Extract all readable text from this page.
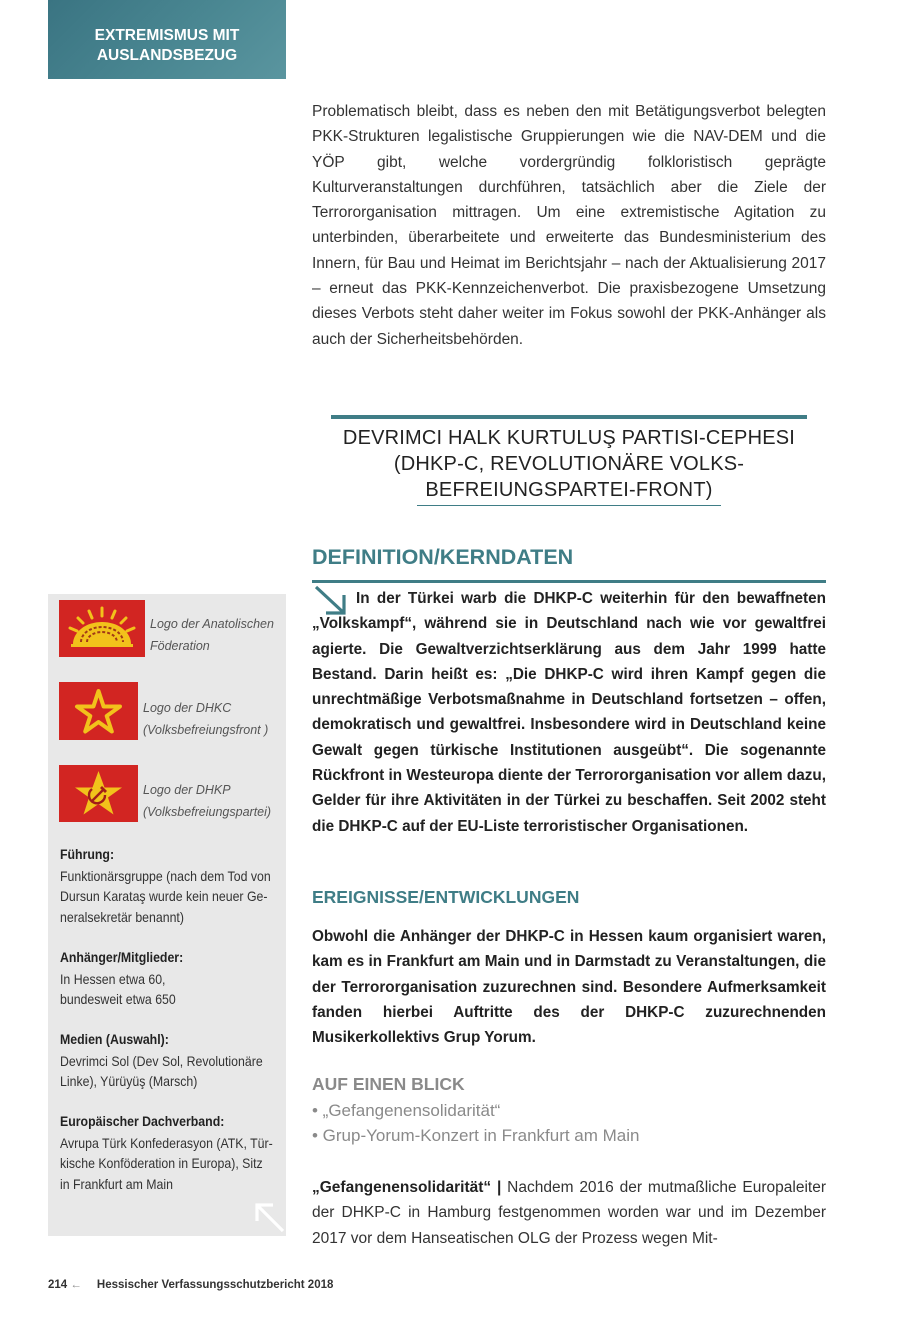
EXTREMISMUS MIT
AUSLANDSBEZUG
Problematisch bleibt, dass es neben den mit Betätigungsverbot belegten PKK-Strukturen legalistische Gruppierungen wie die NAV-DEM und die YÖP gibt, welche vordergründig folkloristisch geprägte Kulturveranstaltungen durchführen, tatsächlich aber die Ziele der Terrororganisation mittragen. Um eine extremistische Agitation zu unterbinden, überarbeitete und erweiterte das Bundesministerium des Innern, für Bau und Heimat im Berichtsjahr – nach der Aktualisierung 2017 – erneut das PKK-Kennzeichenverbot. Die praxisbezogene Umsetzung dieses Verbots steht daher weiter im Fokus sowohl der PKK-Anhänger als auch der Sicherheitsbehörden.
DEVRIMCI HALK KURTULUŞ PARTISI-CEPHESI
(DHKP-C, REVOLUTIONÄRE VOLKS-
BEFREIUNGSPARTEI-FRONT)
DEFINITION/KERNDATEN

In der Türkei warb die DHKP-C weiterhin für den bewaffneten „Volkskampf“, während sie in Deutschland nach wie vor gewaltfrei agierte. Die Gewaltverzichtserklärung aus dem Jahr 1999 hatte Bestand. Darin heißt es: „Die DHKP-C wird ihren Kampf gegen die unrechtmäßige Verbotsmaßnahme in Deutschland fortsetzen – offen, demokratisch und gewaltfrei. Insbesondere wird in Deutschland keine Gewalt gegen türkische Institutionen ausgeübt“. Die sogenannte Rückfront in Westeuropa diente der Terrororganisation vor allem dazu, Gelder für ihre Aktivitäten in der Türkei zu beschaffen. Seit 2002 steht die DHKP-C auf der EU-Liste terroristischer Organisationen.

EREIGNISSE/ENTWICKLUNGEN
Obwohl die Anhänger der DHKP-C in Hessen kaum organisiert waren, kam es in Frankfurt am Main und in Darmstadt zu Veranstaltungen, die der Terrororganisation zuzurechnen sind. Besondere Aufmerksamkeit fanden hierbei Auftritte des der DHKP-C zuzurechnenden Musikerkollektivs Grup Yorum.
AUF EINEN BLICK
• „Gefangenensolidarität“
• Grup-Yorum-Konzert in Frankfurt am Main
„Gefangenensolidarität“ | Nachdem 2016 der mutmaßliche Europaleiter der DHKP-C in Hamburg festgenommen worden war und im Dezember 2017 vor dem Hanseatischen OLG der Prozess wegen Mit-
Logo der Anatolischen
Föderation
Logo der DHKC
(Volksbefreiungsfront )
Logo der DHKP
(Volksbefreiungspartei)
Führung:
Funktionärsgruppe (nach dem Tod von
Dursun Karataş wurde kein neuer Ge-
neralsekretär benannt)
Anhänger/Mitglieder:
In Hessen etwa 60,
bundesweit etwa 650
Medien (Auswahl):
Devrimci Sol (Dev Sol, Revolutionäre
Linke), Yürüyüş (Marsch)
Europäischer Dachverband:
Avrupa Türk Konfederasyon (ATK, Tür-
kische Konföderation in Europa), Sitz
in Frankfurt am Main
214 ← Hessischer Verfassungsschutzbericht 2018
